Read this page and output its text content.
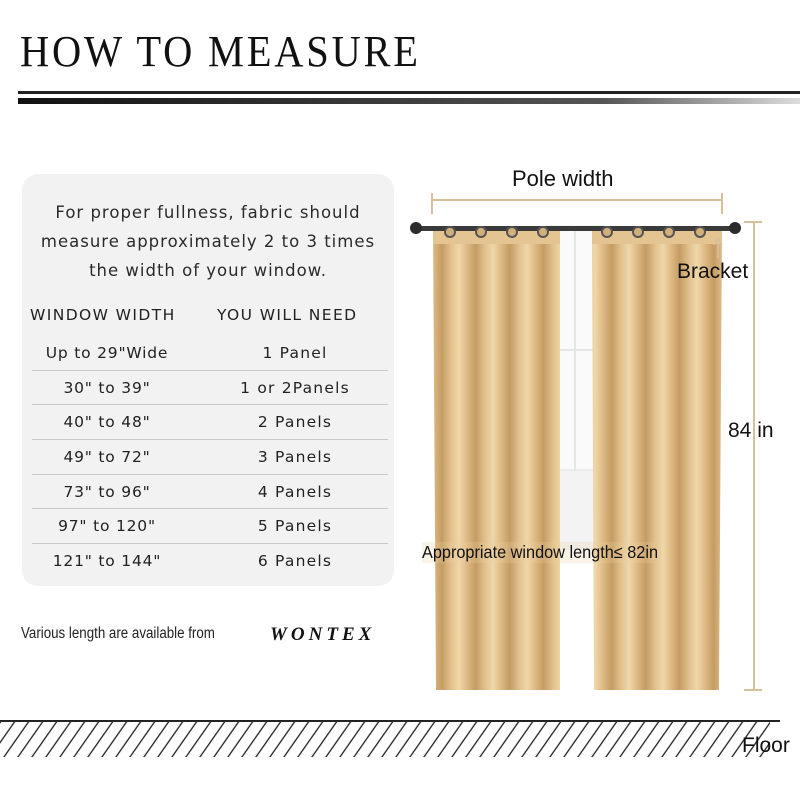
HOW TO MEASURE
For proper fullness, fabric should
measure approximately 2 to 3 times
the width of your window.
WINDOW WIDTH	YOU WILL NEED
Up to 29"Wide	1 Panel
30" to 39"	1 or 2Panels
40" to 48"	2 Panels
49" to 72"	3 Panels
73" to 96"	4 Panels
97" to 120"	5 Panels
121" to 144"	6 Panels
Various length are available from	WONTEX
Pole width
Bracket
84 in
Appropriate window length≤ 82in
Floor
